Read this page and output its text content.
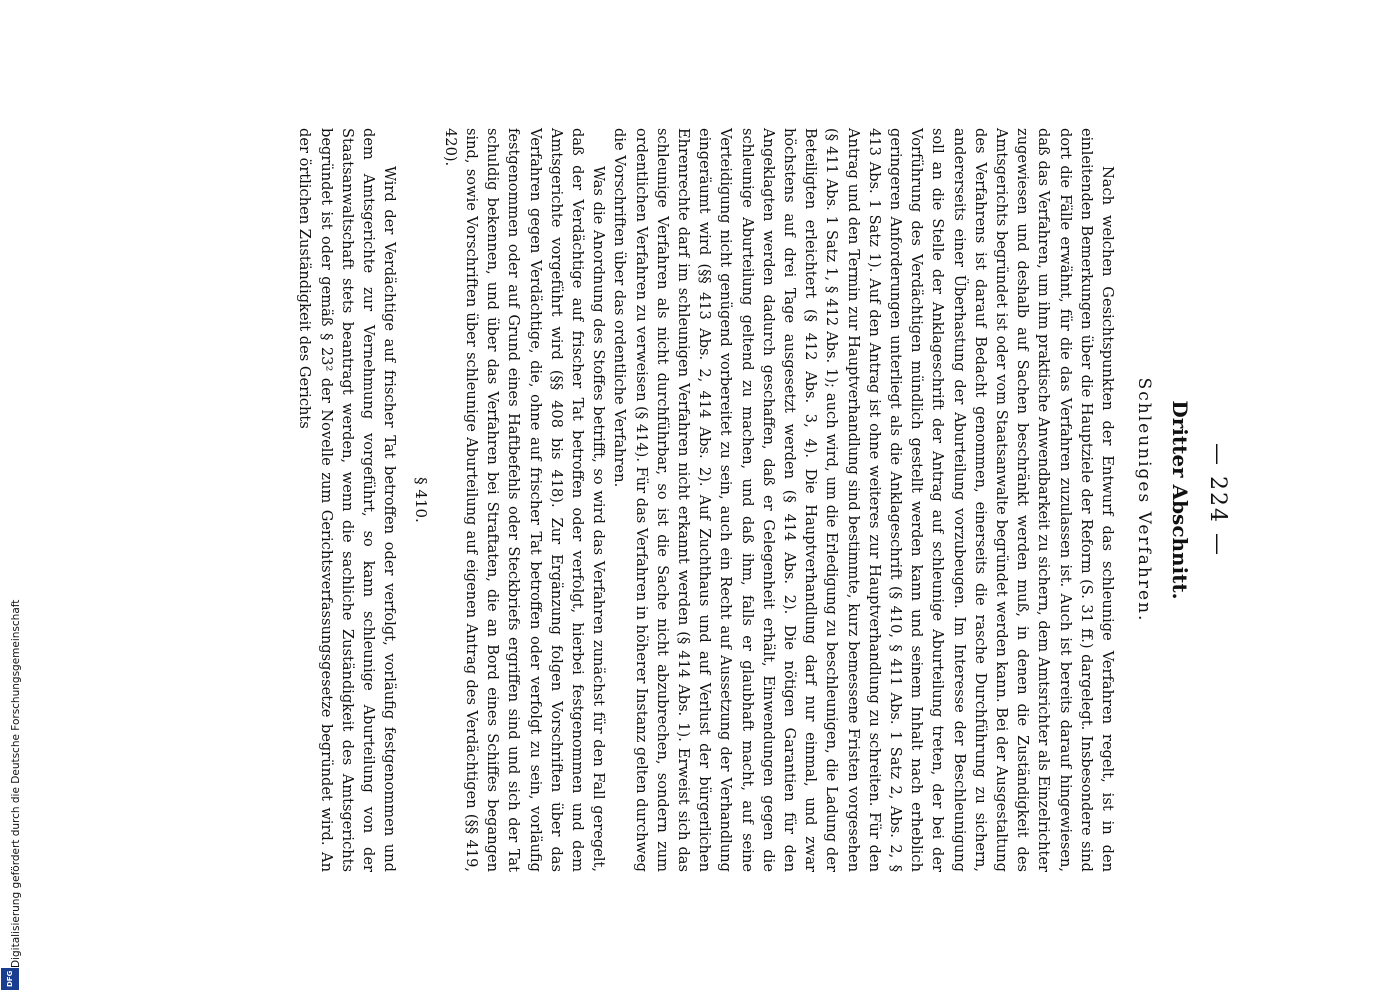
— 224 —
Dritter Abschnitt.
Schleuniges Verfahren.

Nach welchen Gesichtspunkten der Entwurf das schleunige Verfahren regelt, ist in den einleitenden Bemerkungen über die Hauptziele der Reform (S. 31 ff.) dargelegt. Insbesondere sind dort die Fälle erwähnt, für die das Verfahren zuzulassen ist. Auch ist bereits darauf hingewiesen, daß das Verfahren, um ihm praktische Anwendbarkeit zu sichern, dem Amtsrichter als Einzelrichter zugewiesen und deshalb auf Sachen beschränkt werden muß, in denen die Zuständigkeit des Amtsgerichts begründet ist oder vom Staatsanwalte begründet werden kann. Bei der Ausgestaltung des Verfahrens ist darauf Bedacht genommen, einerseits die rasche Durchführung zu sichern, andererseits einer Überhastung der Aburteilung vorzubeugen. Im Interesse der Beschleunigung soll an die Stelle der Anklageschrift der Antrag auf schleunige Aburteilung treten, der bei der Vorführung des Verdächtigen mündlich gestellt werden kann und seinem Inhalt nach erheblich geringeren Anforderungen unterliegt als die Anklageschrift (§ 410, § 411 Abs. 1 Satz 2, Abs. 2, § 413 Abs. 1 Satz 1). Auf den Antrag ist ohne weiteres zur Hauptverhandlung zu schreiten. Für den Antrag und den Termin zur Hauptverhandlung sind bestimmte, kurz bemessene Fristen vorgesehen (§ 411 Abs. 1 Satz 1, § 412 Abs. 1); auch wird, um die Erledigung zu beschleunigen, die Ladung der Beteiligten erleichtert (§ 412 Abs. 3, 4). Die Hauptverhandlung darf nur einmal, und zwar höchstens auf drei Tage ausgesetzt werden (§ 414 Abs. 2). Die nötigen Garantien für den Angeklagten werden dadurch geschaffen, daß er Gelegenheit erhält, Einwendungen gegen die schleunige Aburteilung geltend zu machen, und daß ihm, falls er glaubhaft macht, auf seine Verteidigung nicht genügend vorbereitet zu sein, auch ein Recht auf Aussetzung der Verhandlung eingeräumt wird (§§ 413 Abs. 2, 414 Abs. 2). Auf Zuchthaus und auf Verlust der bürgerlichen Ehrenrechte darf im schleunigen Verfahren nicht erkannt werden (§ 414 Abs. 1). Erweist sich das schleunige Verfahren als nicht durchführbar, so ist die Sache nicht abzubrechen, sondern zum ordentlichen Verfahren zu verweisen (§ 414). Für das Verfahren in höherer Instanz gelten durchweg die Vorschriften über das ordentliche Verfahren.

Was die Anordnung des Stoffes betrifft, so wird das Verfahren zunächst für den Fall geregelt, daß der Verdächtige auf frischer Tat betroffen oder verfolgt, hierbei festgenommen und dem Amtsgerichte vorgeführt wird (§§ 408 bis 418). Zur Ergänzung folgen Vorschriften über das Verfahren gegen Verdächtige, die, ohne auf frischer Tat betroffen oder verfolgt zu sein, vorläufig festgenommen oder auf Grund eines Haftbefehls oder Steckbriefs ergriffen sind und sich der Tat schuldig bekennen, und über das Verfahren bei Straftaten, die an Bord eines Schiffes begangen sind, sowie Vorschriften über schleunige Aburteilung auf eigenen Antrag des Verdächtigen (§§ 419, 420).

§ 410.

Wird der Verdächtige auf frischer Tat betroffen oder verfolgt, vorläufig festgenommen und dem Amtsgerichte zur Vernehmung vorgeführt, so kann schleunige Aburteilung von der Staatsanwaltschaft stets beantragt werden, wenn die sachliche Zuständigkeit des Amtsgerichts begründet ist oder gemäß § 23² der Novelle zum Gerichtsverfassungsgesetze begründet wird. An der örtlichen Zuständigkeit des Gerichts

Digitalisierung gefördert durch die Deutsche Forschungsgemeinschaft
DFG
